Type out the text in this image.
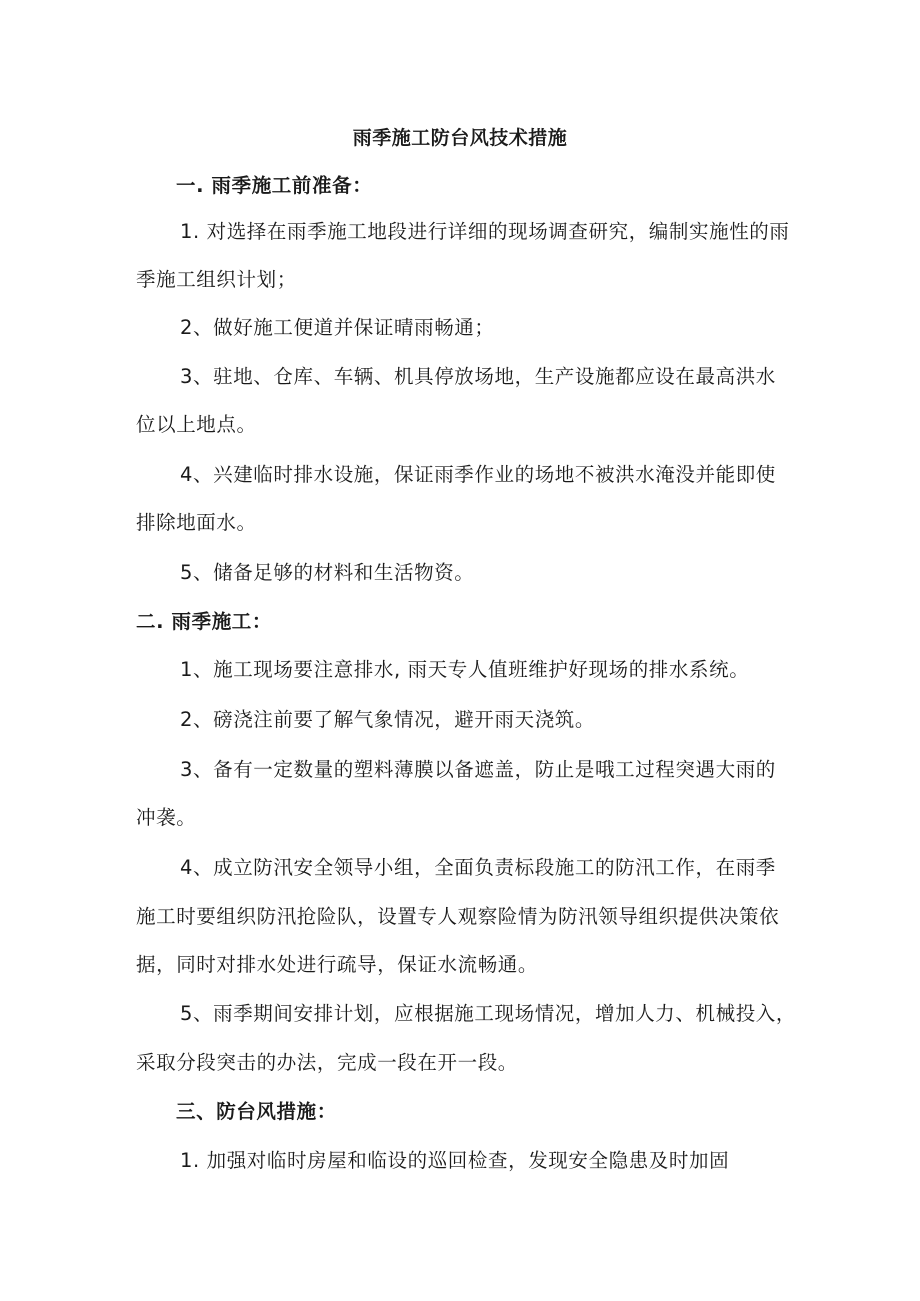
雨季施工防台风技术措施
一. 雨季施工前准备：
1. 对选择在雨季施工地段进行详细的现场调查研究，编制实施性的雨
季施工组织计划；
2、做好施工便道并保证晴雨畅通；
3、驻地、仓库、车辆、机具停放场地，生产设施都应设在最高洪水
位以上地点。
4、兴建临时排水设施，保证雨季作业的场地不被洪水淹没并能即使
排除地面水。
5、储备足够的材料和生活物资。
二. 雨季施工：
1、施工现场要注意排水, 雨天专人值班维护好现场的排水系统。
2、磅浇注前要了解气象情况，避开雨天浇筑。
3、备有一定数量的塑料薄膜以备遮盖，防止是哦工过程突遇大雨的
冲袭。
4、成立防汛安全领导小组，全面负责标段施工的防汛工作，在雨季
施工时要组织防汛抢险队，设置专人观察险情为防汛领导组织提供决策依
据，同时对排水处进行疏导，保证水流畅通。
5、雨季期间安排计划，应根据施工现场情况，增加人力、机械投入，
采取分段突击的办法，完成一段在开一段。
三、防台风措施：
1. 加强对临时房屋和临设的巡回检查，发现安全隐患及时加固
